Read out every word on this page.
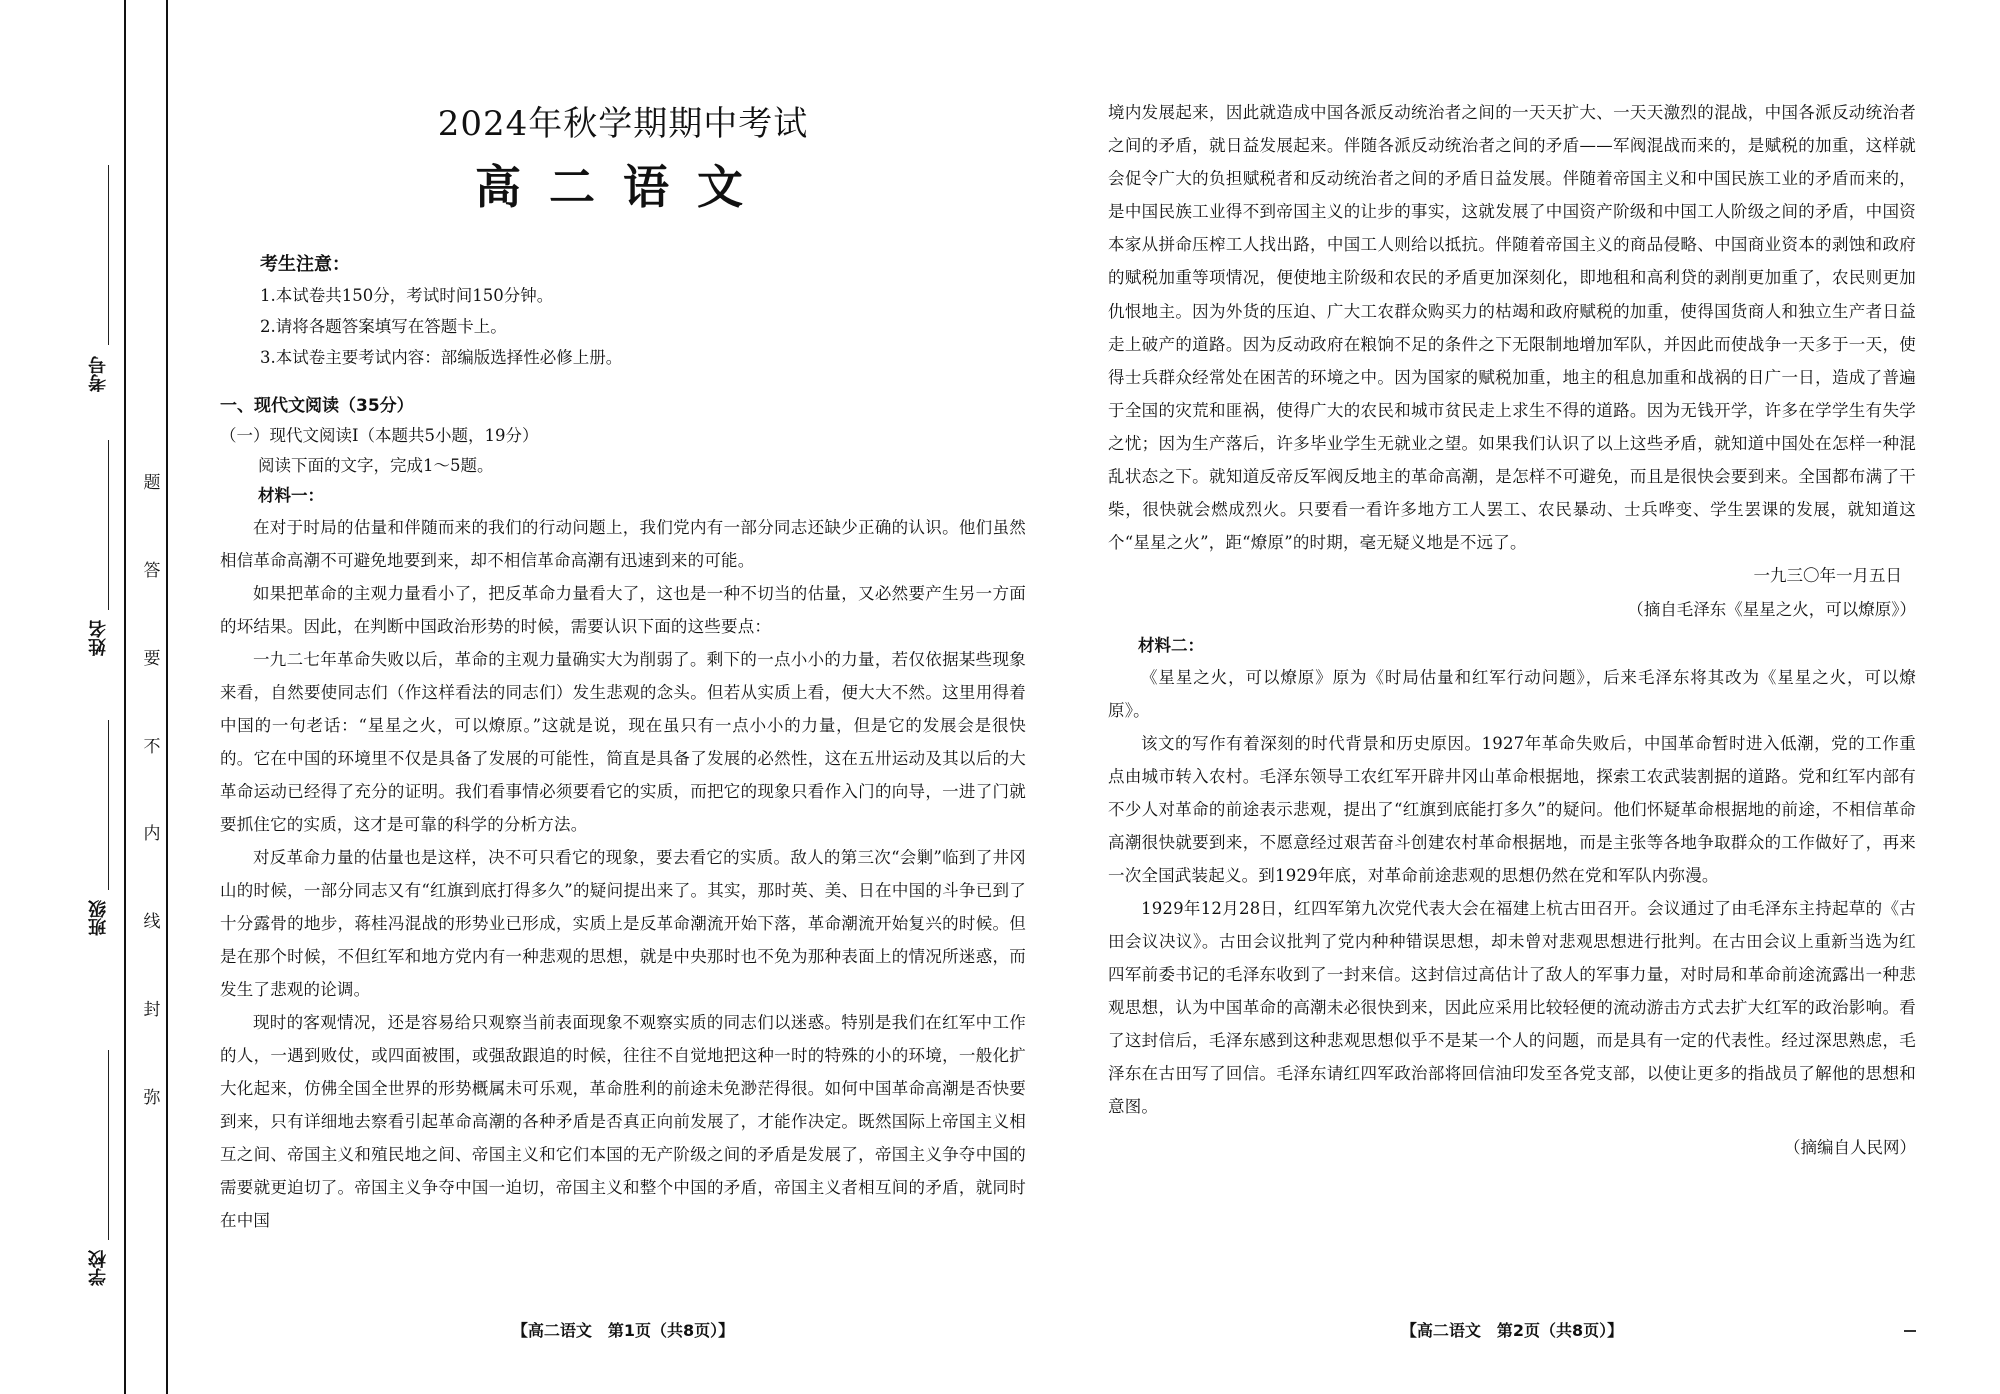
考号
姓名
班级
学校
题
答
要
不
内
线
封
弥
2024年秋学期期中考试
高二语文
考生注意：
1.本试卷共150分，考试时间150分钟。
2.请将各题答案填写在答题卡上。
3.本试卷主要考试内容：部编版选择性必修上册。
一、现代文阅读（35分）
（一）现代文阅读Ⅰ（本题共5小题，19分）
阅读下面的文字，完成1～5题。
材料一：

在对于时局的估量和伴随而来的我们的行动问题上，我们党内有一部分同志还缺少正确的认识。他们虽然相信革命高潮不可避免地要到来，却不相信革命高潮有迅速到来的可能。

如果把革命的主观力量看小了，把反革命力量看大了，这也是一种不切当的估量，又必然要产生另一方面的坏结果。因此，在判断中国政治形势的时候，需要认识下面的这些要点：

一九二七年革命失败以后，革命的主观力量确实大为削弱了。剩下的一点小小的力量，若仅依据某些现象来看，自然要使同志们（作这样看法的同志们）发生悲观的念头。但若从实质上看，便大大不然。这里用得着中国的一句老话：“星星之火，可以燎原。”这就是说，现在虽只有一点小小的力量，但是它的发展会是很快的。它在中国的环境里不仅是具备了发展的可能性，简直是具备了发展的必然性，这在五卅运动及其以后的大革命运动已经得了充分的证明。我们看事情必须要看它的实质，而把它的现象只看作入门的向导，一进了门就要抓住它的实质，这才是可靠的科学的分析方法。

对反革命力量的估量也是这样，决不可只看它的现象，要去看它的实质。敌人的第三次“会剿”临到了井冈山的时候，一部分同志又有“红旗到底打得多久”的疑问提出来了。其实，那时英、美、日在中国的斗争已到了十分露骨的地步，蒋桂冯混战的形势业已形成，实质上是反革命潮流开始下落，革命潮流开始复兴的时候。但是在那个时候，不但红军和地方党内有一种悲观的思想，就是中央那时也不免为那种表面上的情况所迷惑，而发生了悲观的论调。

现时的客观情况，还是容易给只观察当前表面现象不观察实质的同志们以迷惑。特别是我们在红军中工作的人，一遇到败仗，或四面被围，或强敌跟追的时候，往往不自觉地把这种一时的特殊的小的环境，一般化扩大化起来，仿佛全国全世界的形势概属未可乐观，革命胜利的前途未免渺茫得很。如何中国革命高潮是否快要到来，只有详细地去察看引起革命高潮的各种矛盾是否真正向前发展了，才能作决定。既然国际上帝国主义相互之间、帝国主义和殖民地之间、帝国主义和它们本国的无产阶级之间的矛盾是发展了，帝国主义争夺中国的需要就更迫切了。帝国主义争夺中国一迫切，帝国主义和整个中国的矛盾，帝国主义者相互间的矛盾，就同时在中国

【高二语文　第1页（共8页）】

境内发展起来，因此就造成中国各派反动统治者之间的一天天扩大、一天天激烈的混战，中国各派反动统治者之间的矛盾，就日益发展起来。伴随各派反动统治者之间的矛盾——军阀混战而来的，是赋税的加重，这样就会促令广大的负担赋税者和反动统治者之间的矛盾日益发展。伴随着帝国主义和中国民族工业的矛盾而来的，是中国民族工业得不到帝国主义的让步的事实，这就发展了中国资产阶级和中国工人阶级之间的矛盾，中国资本家从拼命压榨工人找出路，中国工人则给以抵抗。伴随着帝国主义的商品侵略、中国商业资本的剥蚀和政府的赋税加重等项情况，便使地主阶级和农民的矛盾更加深刻化，即地租和高利贷的剥削更加重了，农民则更加仇恨地主。因为外货的压迫、广大工农群众购买力的枯竭和政府赋税的加重，使得国货商人和独立生产者日益走上破产的道路。因为反动政府在粮饷不足的条件之下无限制地增加军队，并因此而使战争一天多于一天，使得士兵群众经常处在困苦的环境之中。因为国家的赋税加重，地主的租息加重和战祸的日广一日，造成了普遍于全国的灾荒和匪祸，使得广大的农民和城市贫民走上求生不得的道路。因为无钱开学，许多在学学生有失学之忧；因为生产落后，许多毕业学生无就业之望。如果我们认识了以上这些矛盾，就知道中国处在怎样一种混乱状态之下。就知道反帝反军阀反地主的革命高潮，是怎样不可避免，而且是很快会要到来。全国都布满了干柴，很快就会燃成烈火。只要看一看许多地方工人罢工、农民暴动、士兵哗变、学生罢课的发展，就知道这个“星星之火”，距“燎原”的时期，毫无疑义地是不远了。

一九三〇年一月五日
（摘自毛泽东《星星之火，可以燎原》）
材料二：

《星星之火，可以燎原》原为《时局估量和红军行动问题》，后来毛泽东将其改为《星星之火，可以燎原》。

该文的写作有着深刻的时代背景和历史原因。1927年革命失败后，中国革命暂时进入低潮，党的工作重点由城市转入农村。毛泽东领导工农红军开辟井冈山革命根据地，探索工农武装割据的道路。党和红军内部有不少人对革命的前途表示悲观，提出了“红旗到底能打多久”的疑问。他们怀疑革命根据地的前途，不相信革命高潮很快就要到来，不愿意经过艰苦奋斗创建农村革命根据地，而是主张等各地争取群众的工作做好了，再来一次全国武装起义。到1929年底，对革命前途悲观的思想仍然在党和军队内弥漫。

1929年12月28日，红四军第九次党代表大会在福建上杭古田召开。会议通过了由毛泽东主持起草的《古田会议决议》。古田会议批判了党内种种错误思想，却未曾对悲观思想进行批判。在古田会议上重新当选为红四军前委书记的毛泽东收到了一封来信。这封信过高估计了敌人的军事力量，对时局和革命前途流露出一种悲观思想，认为中国革命的高潮未必很快到来，因此应采用比较轻便的流动游击方式去扩大红军的政治影响。看了这封信后，毛泽东感到这种悲观思想似乎不是某一个人的问题，而是具有一定的代表性。经过深思熟虑，毛泽东在古田写了回信。毛泽东请红四军政治部将回信油印发至各党支部，以使让更多的指战员了解他的思想和意图。

（摘编自人民网）
【高二语文　第2页（共8页）】
